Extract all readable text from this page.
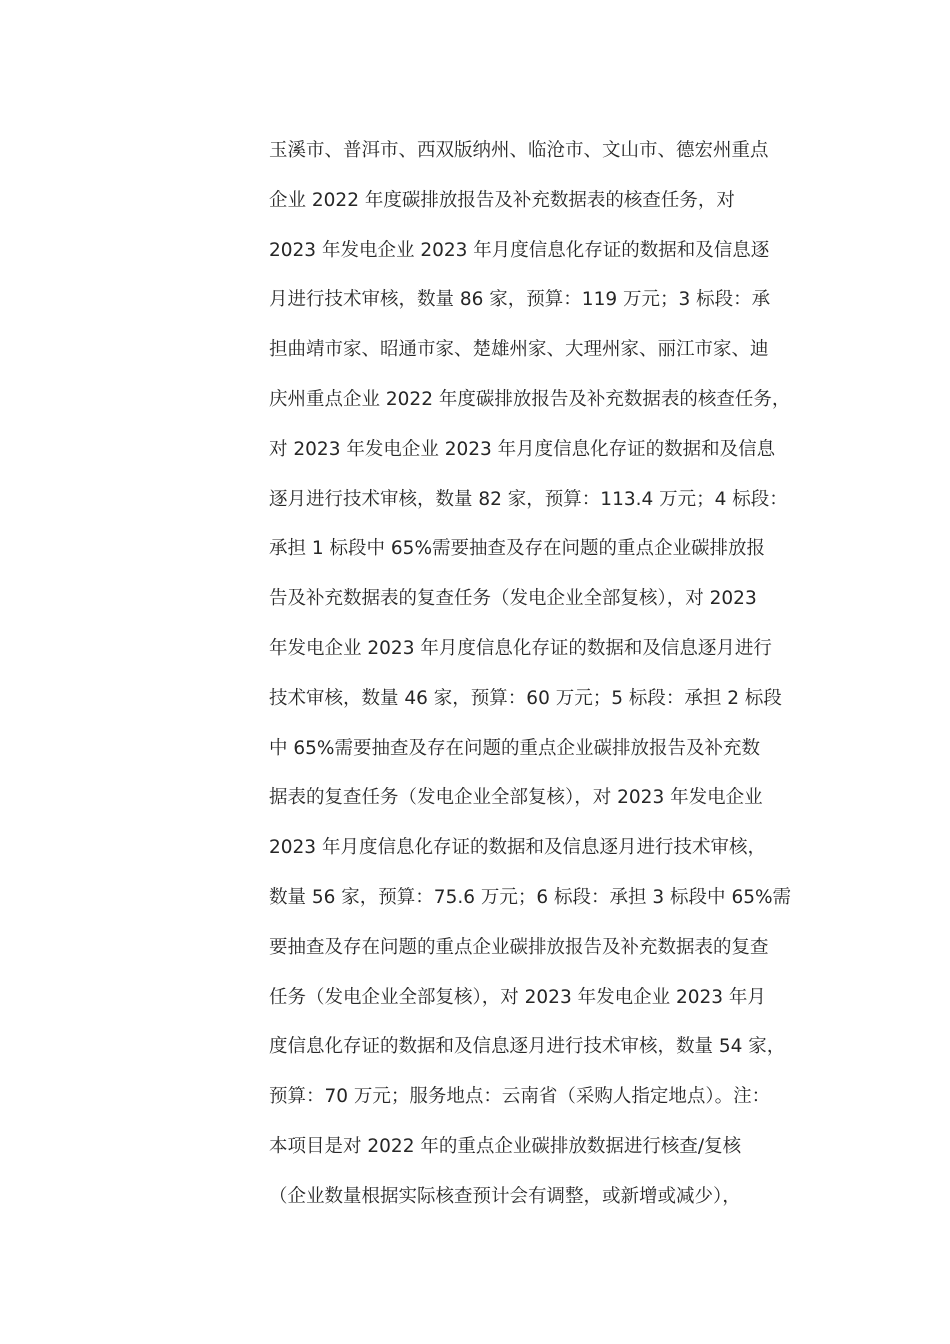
玉溪市、普洱市、西双版纳州、临沧市、文山市、德宏州重点
企业 2022 年度碳排放报告及补充数据表的核查任务，对
2023 年发电企业 2023 年月度信息化存证的数据和及信息逐
月进行技术审核，数量 86 家，预算：119 万元；3 标段：承
担曲靖市家、昭通市家、楚雄州家、大理州家、丽江市家、迪
庆州重点企业 2022 年度碳排放报告及补充数据表的核查任务，
对 2023 年发电企业 2023 年月度信息化存证的数据和及信息
逐月进行技术审核，数量 82 家，预算：113.4 万元；4 标段：
承担 1 标段中 65%需要抽查及存在问题的重点企业碳排放报
告及补充数据表的复查任务（发电企业全部复核），对 2023
年发电企业 2023 年月度信息化存证的数据和及信息逐月进行
技术审核，数量 46 家，预算：60 万元；5 标段：承担 2 标段
中 65%需要抽查及存在问题的重点企业碳排放报告及补充数
据表的复查任务（发电企业全部复核），对 2023 年发电企业
2023 年月度信息化存证的数据和及信息逐月进行技术审核，
数量 56 家，预算：75.6 万元；6 标段：承担 3 标段中 65%需
要抽查及存在问题的重点企业碳排放报告及补充数据表的复查
任务（发电企业全部复核），对 2023 年发电企业 2023 年月
度信息化存证的数据和及信息逐月进行技术审核，数量 54 家，
预算：70 万元；服务地点：云南省（采购人指定地点）。注：
本项目是对 2022 年的重点企业碳排放数据进行核查/复核
（企业数量根据实际核查预计会有调整，或新增或减少），
